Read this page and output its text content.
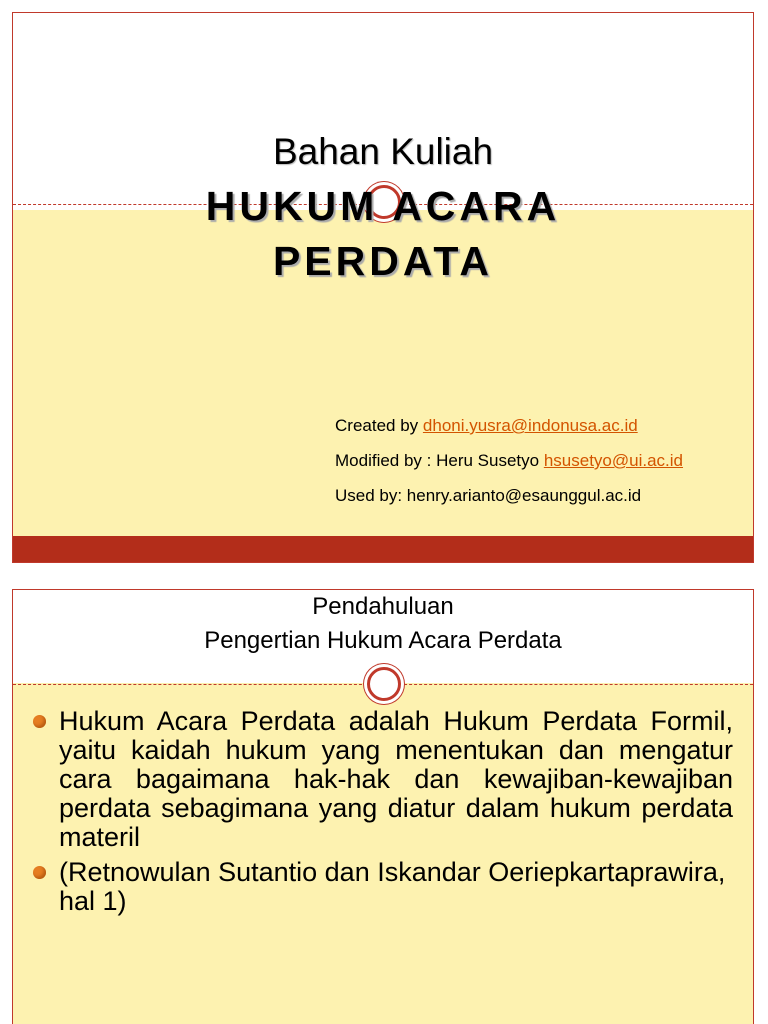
Bahan Kuliah
HUKUM ACARA
PERDATA
Created by dhoni.yusra@indonusa.ac.id
Modified by : Heru Susetyo hsusetyo@ui.ac.id
Used by: henry.arianto@esaunggul.ac.id
Pendahuluan
Pengertian Hukum Acara Perdata
Hukum Acara Perdata adalah Hukum Perdata Formil, yaitu kaidah hukum yang menentukan dan mengatur cara bagaimana hak-hak dan kewajiban-kewajiban perdata sebagimana yang diatur dalam hukum perdata materil
(Retnowulan Sutantio dan Iskandar Oeriepkartaprawira, hal 1)
